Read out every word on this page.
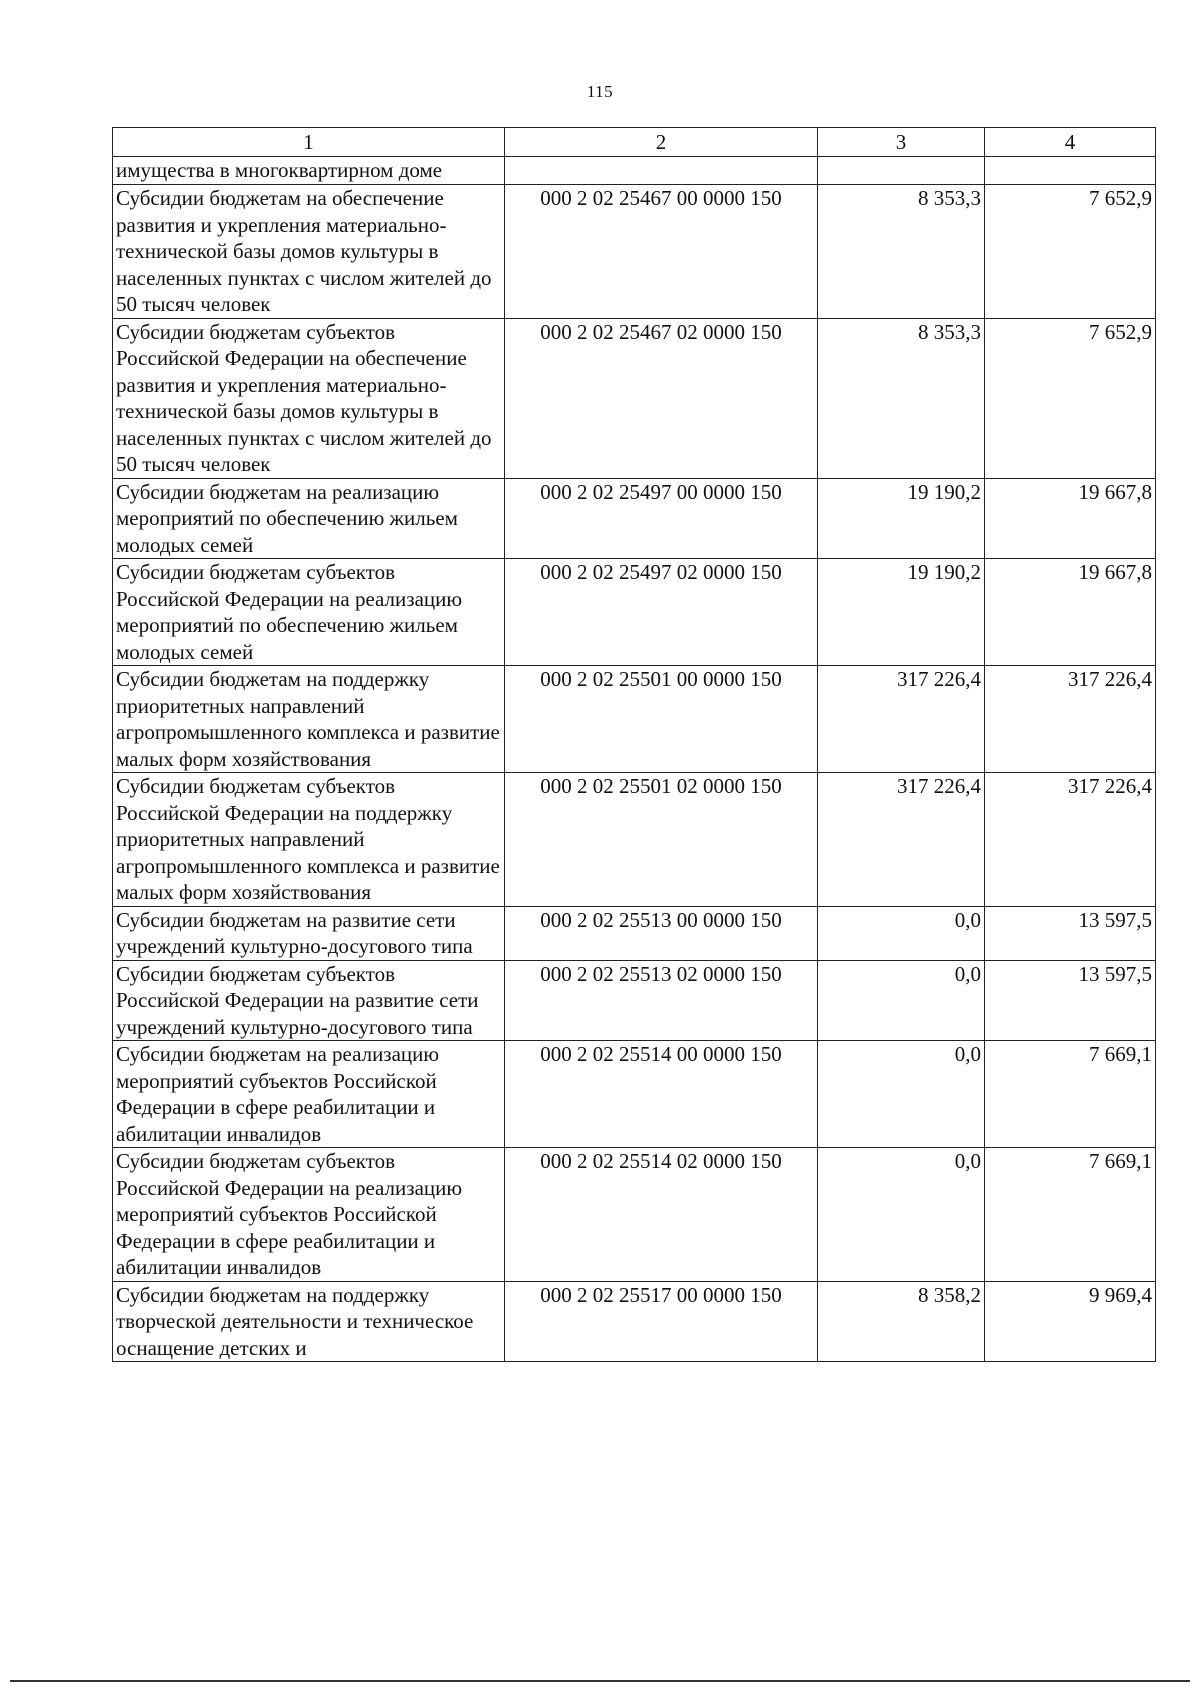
115
1	2	3	4
имущества в многоквартирном доме			
Субсидии бюджетам на обеспечение развития и укрепления материально-технической базы домов культуры в населенных пунктах с числом жителей до 50 тысяч человек	000 2 02 25467 00 0000 150	8 353,3	7 652,9
Субсидии бюджетам субъектов Российской Федерации на обеспечение развития и укрепления материально-технической базы домов культуры в населенных пунктах с числом жителей до 50 тысяч человек	000 2 02 25467 02 0000 150	8 353,3	7 652,9
Субсидии бюджетам на реализацию мероприятий по обеспечению жильем молодых семей	000 2 02 25497 00 0000 150	19 190,2	19 667,8
Субсидии бюджетам субъектов Российской Федерации на реализацию мероприятий по обеспечению жильем молодых семей	000 2 02 25497 02 0000 150	19 190,2	19 667,8
Субсидии бюджетам на поддержку приоритетных направлений агропромышленного комплекса и развитие малых форм хозяйствования	000 2 02 25501 00 0000 150	317 226,4	317 226,4
Субсидии бюджетам субъектов Российской Федерации на поддержку приоритетных направлений агропромышленного комплекса и развитие малых форм хозяйствования	000 2 02 25501 02 0000 150	317 226,4	317 226,4
Субсидии бюджетам на развитие сети учреждений культурно-досугового типа	000 2 02 25513 00 0000 150	0,0	13 597,5
Субсидии бюджетам субъектов Российской Федерации на развитие сети учреждений культурно-досугового типа	000 2 02 25513 02 0000 150	0,0	13 597,5
Субсидии бюджетам на реализацию мероприятий субъектов Российской Федерации в сфере реабилитации и абилитации инвалидов	000 2 02 25514 00 0000 150	0,0	7 669,1
Субсидии бюджетам субъектов Российской Федерации на реализацию мероприятий субъектов Российской Федерации в сфере реабилитации и абилитации инвалидов	000 2 02 25514 02 0000 150	0,0	7 669,1
Субсидии бюджетам на поддержку творческой деятельности и техническое оснащение детских и	000 2 02 25517 00 0000 150	8 358,2	9 969,4
